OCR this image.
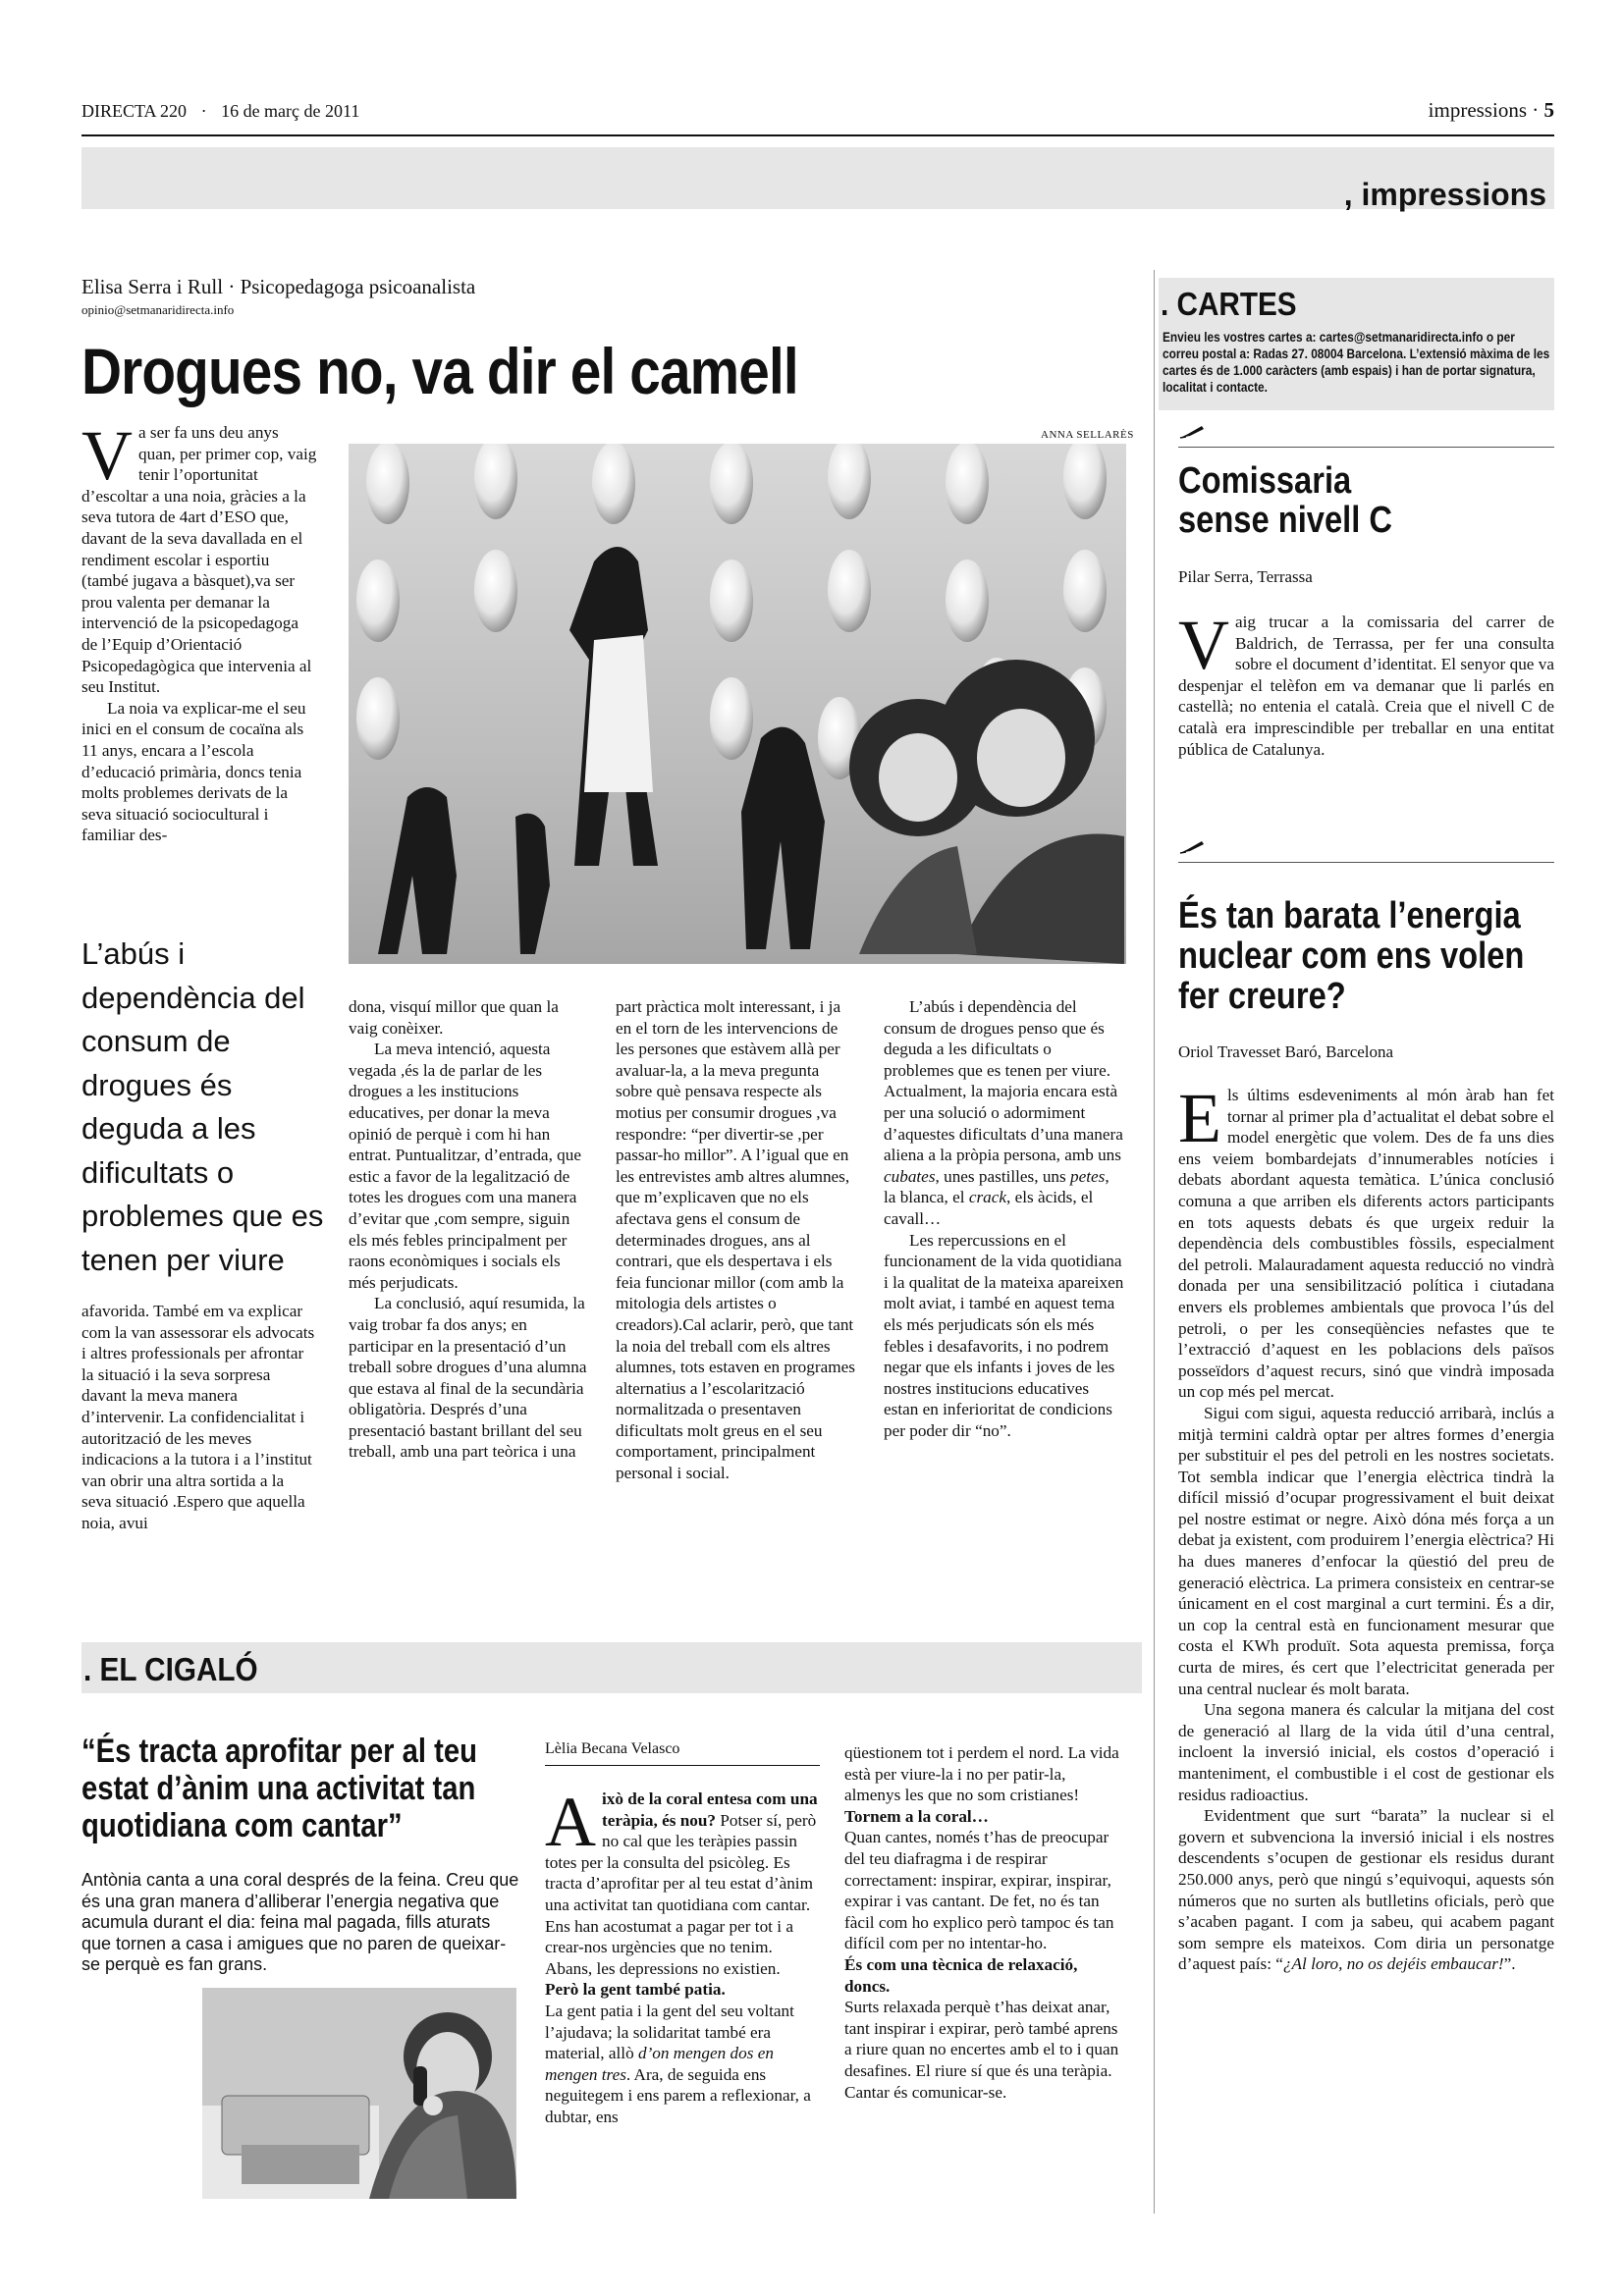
DIRECTA 220 · 16 de març de 2011	impressions · 5
, impressions
Elisa Serra i Rull · Psicopedagoga psicoanalista
opinio@setmanaridirecta.info
Drogues no, va dir el camell
ANNA SELLARÈS

Va ser fa uns deu anys quan, per primer cop, vaig tenir l’oportunitat d’escoltar a una noia, gràcies a la seva tutora de 4art d’ESO que, davant de la seva davallada en el rendiment escolar i esportiu (també jugava a bàsquet),va ser prou valenta per demanar la intervenció de la psicopedagoga de l’Equip d’Orientació Psicopedagògica que intervenia al seu Institut.

La noia va explicar-me el seu inici en el consum de cocaïna als 11 anys, encara a l’escola d’educació primària, doncs tenia molts problemes derivats de la seva situació sociocultural i familiar des-

L’abús i dependència del consum de drogues és deguda a les dificultats o problemes que es tenen per viure

afavorida. També em va explicar com la van assessorar els advocats i altres professionals per afrontar la situació i la seva sorpresa davant la meva manera d’intervenir. La confidencialitat i autorització de les meves indicacions a la tutora i a l’institut van obrir una altra sortida a la seva situació .Espero que aquella noia, avui

dona, visquí millor que quan la vaig conèixer.

La meva intenció, aquesta vegada ,és la de parlar de les drogues a les institucions educatives, per donar la meva opinió de perquè i com hi han entrat. Puntualitzar, d’entrada, que estic a favor de la legalització de totes les drogues com una manera d’evitar que ,com sempre, siguin els més febles principalment per raons econòmiques i socials els més perjudicats.

La conclusió, aquí resumida, la vaig trobar fa dos anys; en participar en la presentació d’un treball sobre drogues d’una alumna que estava al final de la secundària obligatòria. Després d’una presentació bastant brillant del seu treball, amb una part teòrica i una

part pràctica molt interessant, i ja en el torn de les intervencions de les persones que estàvem allà per avaluar-la, a la meva pregunta sobre què pensava respecte als motius per consumir drogues ,va respondre: “per divertir-se ,per passar-ho millor”. A l’igual que en les entrevistes amb altres alumnes, que m’explicaven que no els afectava gens el consum de determinades drogues, ans al contrari, que els despertava i els feia funcionar millor (com amb la mitologia dels artistes o creadors).Cal aclarir, però, que tant la noia del treball com els altres alumnes, tots estaven en programes alternatius a l’escolarització normalitzada o presentaven dificultats molt greus en el seu comportament, principalment personal i social.

L’abús i dependència del consum de drogues penso que és deguda a les dificultats o problemes que es tenen per viure. Actualment, la majoria encara està per una solució o adormiment d’aquestes dificultats d’una manera aliena a la pròpia persona, amb uns cubates, unes pastilles, uns petes, la blanca, el crack, els àcids, el cavall…

Les repercussions en el funcionament de la vida quotidiana i la qualitat de la mateixa apareixen molt aviat, i també en aquest tema els més perjudicats són els més febles i desafavorits, i no podrem negar que els infants i joves de les nostres institucions educatives estan en inferioritat de condicions per poder dir “no”.

. CARTES
Envieu les vostres cartes a: cartes@setmanaridirecta.info o per correu postal a: Radas 27. 08004 Barcelona. L’extensió màxima de les cartes és de 1.000 caràcters (amb espais) i han de portar signatura, localitat i contacte.
Comissaria sense nivell C
Pilar Serra, Terrassa

Vaig trucar a la comissaria del carrer de Baldrich, de Terrassa, per fer una consulta sobre el document d’identitat. El senyor que va despenjar el telèfon em va demanar que li parlés en castellà; no entenia el català. Creia que el nivell C de català era imprescindible per treballar en una entitat pública de Catalunya.

És tan barata l’energia nuclear com ens volen fer creure?
Oriol Travesset Baró, Barcelona

Els últims esdeveniments al món àrab han fet tornar al primer pla d’actualitat el debat sobre el model energètic que volem. Des de fa uns dies ens veiem bombardejats d’innumerables notícies i debats abordant aquesta temàtica. L’única conclusió comuna a que arriben els diferents actors participants en tots aquests debats és que urgeix reduir la dependència dels combustibles fòssils, especialment del petroli. Malauradament aquesta reducció no vindrà donada per una sensibilització política i ciutadana envers els problemes ambientals que provoca l’ús del petroli, o per les conseqüències nefastes que te l’extracció d’aquest en les poblacions dels països posseïdors d’aquest recurs, sinó que vindrà imposada un cop més pel mercat.

Sigui com sigui, aquesta reducció arribarà, inclús a mitjà termini caldrà optar per altres formes d’energia per substituir el pes del petroli en les nostres societats. Tot sembla indicar que l’energia elèctrica tindrà la difícil missió d’ocupar progressivament el buit deixat pel nostre estimat or negre. Això dóna més força a un debat ja existent, com produirem l’energia elèctrica? Hi ha dues maneres d’enfocar la qüestió del preu de generació elèctrica. La primera consisteix en centrar-se únicament en el cost marginal a curt termini. És a dir, un cop la central està en funcionament mesurar que costa el KWh produït. Sota aquesta premissa, força curta de mires, és cert que l’electricitat generada per una central nuclear és molt barata.

Una segona manera és calcular la mitjana del cost de generació al llarg de la vida útil d’una central, incloent la inversió inicial, els costos d’operació i manteniment, el combustible i el cost de gestionar els residus radioactius.

Evidentment que surt “barata” la nuclear si el govern et subvenciona la inversió inicial i els nostres descendents s’ocupen de gestionar els residus durant 250.000 anys, però que ningú s’equivoqui, aquests són números que no surten als butlletins oficials, però que s’acaben pagant. I com ja sabeu, qui acabem pagant som sempre els mateixos. Com diria un personatge d’aquest país: “¿Al loro, no os dejéis embaucar!”.

. EL CIGALÓ
“És tracta aprofitar per al teu estat d’ànim una activitat tan quotidiana com cantar”
Antònia canta a una coral després de la feina. Creu que és una gran manera d’alliberar l’energia negativa que acumula durant el dia: feina mal pagada, fills aturats que tornen a casa i amigues que no paren de queixar-se perquè es fan grans.
Lèlia Becana Velasco

Això de la coral entesa com una teràpia, és nou? Potser sí, però no cal que les teràpies passin totes per la consulta del psicòleg. Es tracta d’aprofitar per al teu estat d’ànim una activitat tan quotidiana com cantar. Ens han acostumat a pagar per tot i a crear-nos urgències que no tenim. Abans, les depressions no existien.

Però la gent també patia.

La gent patia i la gent del seu voltant l’ajudava; la solidaritat també era material, allò d’on mengen dos en mengen tres. Ara, de seguida ens neguitegem i ens parem a reflexionar, a dubtar, ens

qüestionem tot i perdem el nord. La vida està per viure-la i no per patir-la, almenys les que no som cristianes!

Tornem a la coral…

Quan cantes, només t’has de preocupar del teu diafragma i de respirar correctament: inspirar, expirar, inspirar, expirar i vas cantant. De fet, no és tan fàcil com ho explico però tampoc és tan difícil com per no intentar-ho.

És com una tècnica de relaxació, doncs.

Surts relaxada perquè t’has deixat anar, tant inspirar i expirar, però també aprens a riure quan no encertes amb el to i quan desafines. El riure sí que és una teràpia. Cantar és comunicar-se.
